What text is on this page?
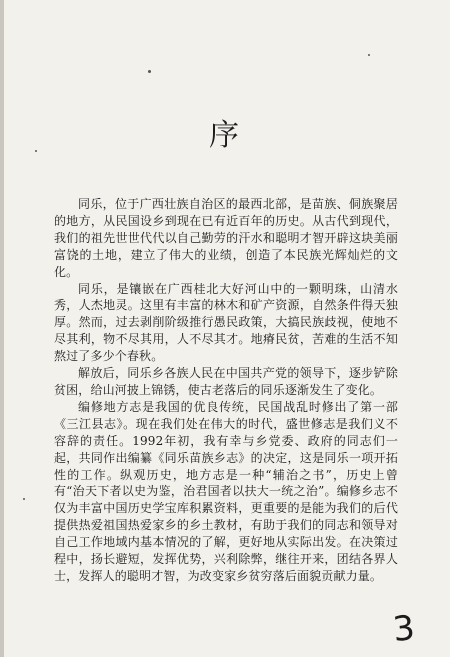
序

同乐，位于广西壮族自治区的最西北部，是苗族、侗族聚居的地方，从民国设乡到现在已有近百年的历史。从古代到现代，我们的祖先世世代代以自己勤劳的汗水和聪明才智开辟这块美丽富饶的土地，建立了伟大的业绩，创造了本民族光辉灿烂的文化。

同乐，是镶嵌在广西桂北大好河山中的一颗明珠，山清水秀，人杰地灵。这里有丰富的林木和矿产资源，自然条件得天独厚。然而，过去剥削阶级推行愚民政策，大搞民族歧视，使地不尽其利，物不尽其用，人不尽其才。地瘠民贫，苦难的生活不知熬过了多少个春秋。

解放后，同乐乡各族人民在中国共产党的领导下，逐步铲除贫困，给山河披上锦锈，使古老落后的同乐逐渐发生了变化。

编修地方志是我国的优良传统，民国战乱时修出了第一部《三江县志》。现在我们处在伟大的时代，盛世修志是我们义不容辞的责任。1992年初，我有幸与乡党委、政府的同志们一起，共同作出编纂《同乐苗族乡志》的决定，这是同乐一项开拓性的工作。纵观历史，地方志是一种“辅治之书”，历史上曾有“治天下者以史为鉴，治君国者以扶大一统之治”。编修乡志不仅为丰富中国历史学宝库积累资料，更重要的是能为我们的后代提供热爱祖国热爱家乡的乡土教材，有助于我们的同志和领导对自己工作地域内基本情况的了解，更好地从实际出发。在决策过程中，扬长避短，发挥优势，兴利除弊，继往开来，团结各界人士，发挥人的聪明才智，为改变家乡贫穷落后面貌贡献力量。

3
